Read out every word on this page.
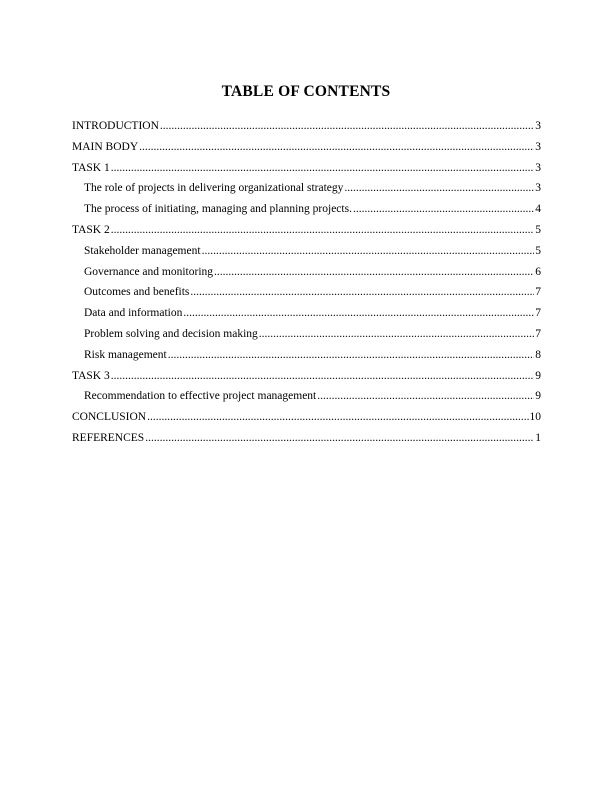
TABLE OF CONTENTS
INTRODUCTION .....	3
MAIN BODY .....	3
TASK 1 .....	3
The role of projects in delivering organizational strategy .....	3
The process of initiating, managing and planning projects. .....	4
TASK 2 .....	5
Stakeholder management .....	5
Governance and monitoring .....	6
Outcomes and benefits .....	7
Data and information .....	7
Problem solving and decision making .....	7
Risk management .....	8
TASK 3 .....	9
Recommendation to effective project management .....	9
CONCLUSION .....	10
REFERENCES .....	1
